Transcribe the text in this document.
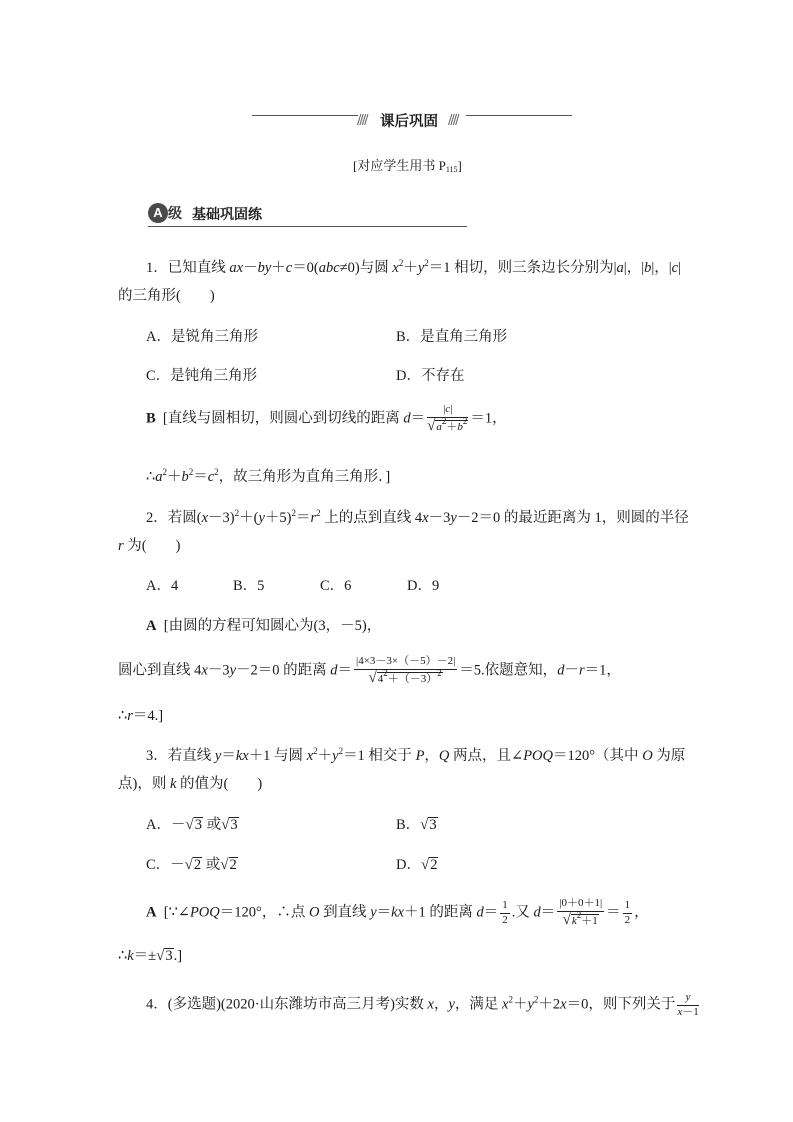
//// 课后巩固 ////
[对应学生用书 $P_{115}$]
A 级 基础巩固练
1．已知直线 ax－by＋c＝0(abc≠0)与圆 $x^2+y^2=1$ 相切，则三条边长分别为|a|，|b|，|c|
的三角形(　　)
A．是锐角三角形	B．是直角三角形
C．是钝角三角形	D．不存在
B [直线与圆相切，则圆心到切线的距离 $d= \frac{|c|}{√a^2+b^2} =1$，
$\therefore a^2+b^2=c^2$，故三角形为直角三角形．]
2．若圆$(x-3)^2+(y+5)^2=r^2$ 上的点到直线 4x－3y－2＝0 的最近距离为 1，则圆的半径
r 为(　　)
A．4	B．5	C．6	D．9
A [由圆的方程可知圆心为(3，－5)，
圆心到直线 4x－3y－2＝0 的距离 $d= \frac{|4\times 3-3\times(-5)-2|}{√4^2+(-3)^2} =5$.依题意知，d－r＝1，
∴r＝4.]
3．若直线 y＝kx＋1 与圆 $x^2+y^2=1$ 相交于 P，Q 两点，且∠POQ＝120°（其中 O 为原
点)，则 k 的值为(　　)
A．－√3 或√3	B．√3
C．－√2 或√2	D．√2
A [∵∠POQ＝120°，∴点 O 到直线 y＝kx＋1 的距离 $d= \frac{1}{2}$ .又 $d= \frac{|0+0+1|}{√k^2+1} = \frac{1}{2}$ ，
∴k＝±√3.]
4．(多选题)(2020·山东潍坊市高三月考)实数 x，y，满足 $x^2+y^2+2x=0$，则下列关于 $\frac{y}{x-1}$
